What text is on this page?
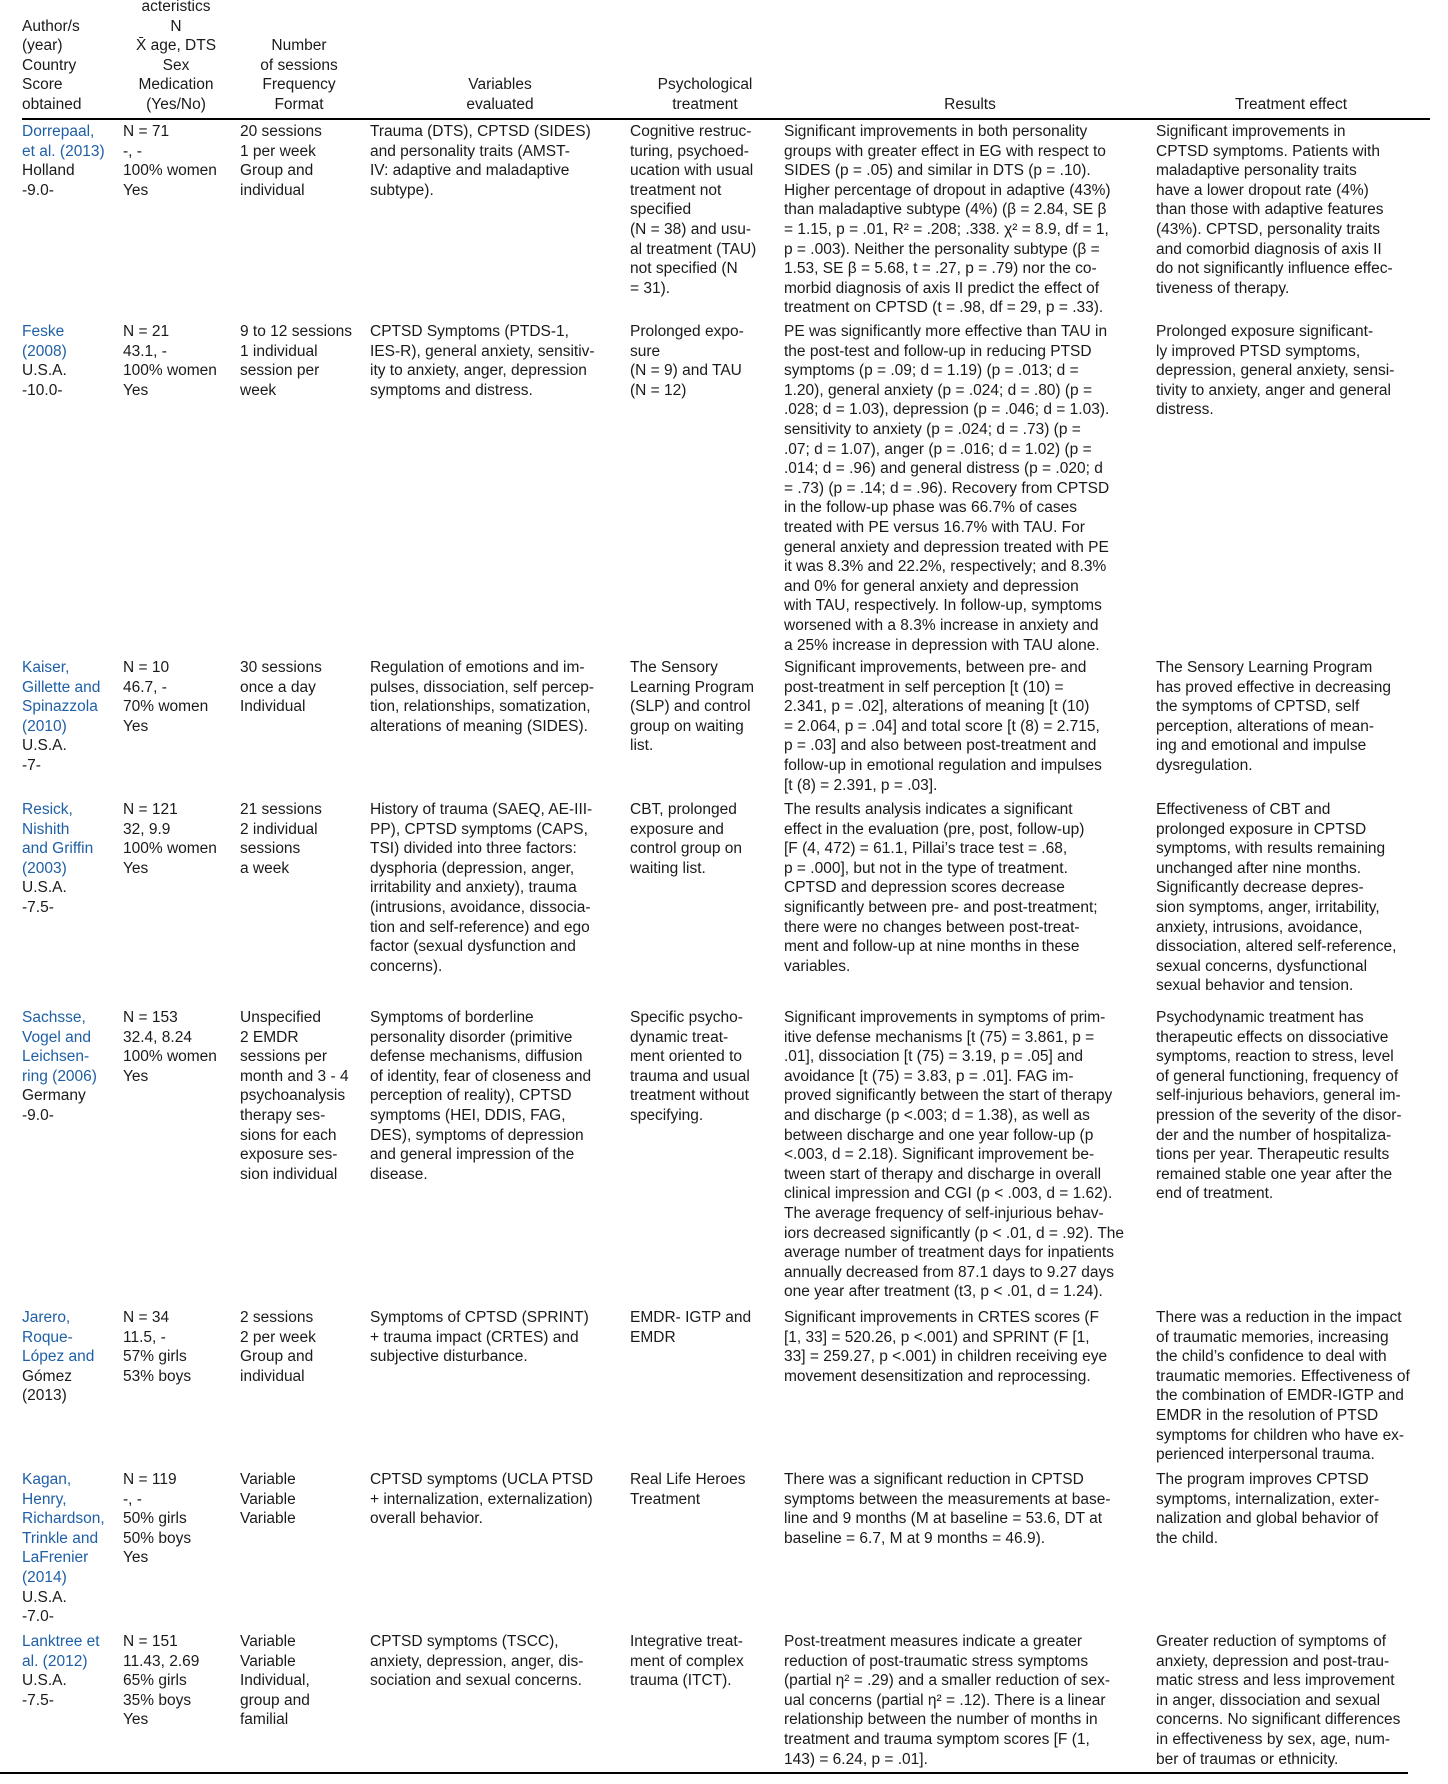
Author/s
(year)
Country
Score
obtained
acteristics
N
X̄ age, DTS
Sex
Medication
(Yes/No)
Number
of sessions
Frequency
Format
Variables
evaluated
Psychological
treatment	Results	Treatment effect
Dorrepaal,
et al. (2013)
Holland
-9.0-
N = 71
-, -
100% women
Yes
20 sessions
1 per week
Group and
individual
Trauma (DTS), CPTSD (SIDES)
and personality traits (AMST-
IV: adaptive and maladaptive
subtype).
Cognitive restruc-
turing, psychoed-
ucation with usual
treatment not
specified
(N = 38) and usu-
al treatment (TAU)
not specified (N
= 31).
Significant improvements in both personality
groups with greater effect in EG with respect to
SIDES (p = .05) and similar in DTS (p = .10).
Higher percentage of dropout in adaptive (43%)
than maladaptive subtype (4%) (β = 2.84, SE β
= 1.15, p = .01, R² = .208; .338. χ² = 8.9, df = 1,
p = .003). Neither the personality subtype (β =
1.53, SE β = 5.68, t = .27, p = .79) nor the co-
morbid diagnosis of axis II predict the effect of
treatment on CPTSD (t = .98, df = 29, p = .33).
Significant improvements in
CPTSD symptoms. Patients with
maladaptive personality traits
have a lower dropout rate (4%)
than those with adaptive features
(43%). CPTSD, personality traits
and comorbid diagnosis of axis II
do not significantly influence effec-
tiveness of therapy.
Feske
(2008)
U.S.A.
-10.0-
N = 21
43.1, -
100% women
Yes
9 to 12 sessions
1 individual
session per
week
CPTSD Symptoms (PTDS-1,
IES-R), general anxiety, sensitiv-
ity to anxiety, anger, depression
symptoms and distress.
Prolonged expo-
sure
(N = 9) and TAU
(N = 12)
PE was significantly more effective than TAU in
the post-test and follow-up in reducing PTSD
symptoms (p = .09; d = 1.19) (p = .013; d =
1.20), general anxiety (p = .024; d = .80) (p =
.028; d = 1.03), depression (p = .046; d = 1.03).
sensitivity to anxiety (p = .024; d = .73) (p =
.07; d = 1.07), anger (p = .016; d = 1.02) (p =
.014; d = .96) and general distress (p = .020; d
= .73) (p = .14; d = .96). Recovery from CPTSD
in the follow-up phase was 66.7% of cases
treated with PE versus 16.7% with TAU. For
general anxiety and depression treated with PE
it was 8.3% and 22.2%, respectively; and 8.3%
and 0% for general anxiety and depression
with TAU, respectively. In follow-up, symptoms
worsened with a 8.3% increase in anxiety and
a 25% increase in depression with TAU alone.
Prolonged exposure significant-
ly improved PTSD symptoms,
depression, general anxiety, sensi-
tivity to anxiety, anger and general
distress.
Kaiser,
Gillette and
Spinazzola
(2010)
U.S.A.
-7-
N = 10
46.7, -
70% women
Yes
30 sessions
once a day
Individual
Regulation of emotions and im-
pulses, dissociation, self percep-
tion, relationships, somatization,
alterations of meaning (SIDES).
The Sensory
Learning Program
(SLP) and control
group on waiting
list.
Significant improvements, between pre- and
post-treatment in self perception [t (10) =
2.341, p = .02], alterations of meaning [t (10)
= 2.064, p = .04] and total score [t (8) = 2.715,
p = .03] and also between post-treatment and
follow-up in emotional regulation and impulses
[t (8) = 2.391, p = .03].
The Sensory Learning Program
has proved effective in decreasing
the symptoms of CPTSD, self
perception, alterations of mean-
ing and emotional and impulse
dysregulation.
Resick,
Nishith
and Griffin
(2003)
U.S.A.
-7.5-
N = 121
32, 9.9
100% women
Yes
21 sessions
2 individual
sessions
a week
History of trauma (SAEQ, AE-III-
PP), CPTSD symptoms (CAPS,
TSI) divided into three factors:
dysphoria (depression, anger,
irritability and anxiety), trauma
(intrusions, avoidance, dissocia-
tion and self-reference) and ego
factor (sexual dysfunction and
concerns).
CBT, prolonged
exposure and
control group on
waiting list.
The results analysis indicates a significant
effect in the evaluation (pre, post, follow-up)
[F (4, 472) = 61.1, Pillai’s trace test = .68,
p = .000], but not in the type of treatment.
CPTSD and depression scores decrease
significantly between pre- and post-treatment;
there were no changes between post-treat-
ment and follow-up at nine months in these
variables.
Effectiveness of CBT and
prolonged exposure in CPTSD
symptoms, with results remaining
unchanged after nine months.
Significantly decrease depres-
sion symptoms, anger, irritability,
anxiety, intrusions, avoidance,
dissociation, altered self-reference,
sexual concerns, dysfunctional
sexual behavior and tension.
Sachsse,
Vogel and
Leichsen-
ring (2006)
Germany
-9.0-
N = 153
32.4, 8.24
100% women
Yes
Unspecified
2 EMDR
sessions per
month and 3 - 4
psychoanalysis
therapy ses-
sions for each
exposure ses-
sion individual
Symptoms of borderline
personality disorder (primitive
defense mechanisms, diffusion
of identity, fear of closeness and
perception of reality), CPTSD
symptoms (HEI, DDIS, FAG,
DES), symptoms of depression
and general impression of the
disease.
Specific psycho-
dynamic treat-
ment oriented to
trauma and usual
treatment without
specifying.
Significant improvements in symptoms of prim-
itive defense mechanisms [t (75) = 3.861, p =
.01], dissociation [t (75) = 3.19, p = .05] and
avoidance [t (75) = 3.83, p = .01]. FAG im-
proved significantly between the start of therapy
and discharge (p <.003; d = 1.38), as well as
between discharge and one year follow-up (p
<.003, d = 2.18). Significant improvement be-
tween start of therapy and discharge in overall
clinical impression and CGI (p < .003, d = 1.62).
The average frequency of self-injurious behav-
iors decreased significantly (p < .01, d = .92). The
average number of treatment days for inpatients
annually decreased from 87.1 days to 9.27 days
one year after treatment (t3, p < .01, d = 1.24).
Psychodynamic treatment has
therapeutic effects on dissociative
symptoms, reaction to stress, level
of general functioning, frequency of
self-injurious behaviors, general im-
pression of the severity of the disor-
der and the number of hospitaliza-
tions per year. Therapeutic results
remained stable one year after the
end of treatment.
Jarero,
Roque-
López and
Gómez
(2013)
N = 34
11.5, -
57% girls
53% boys
2 sessions
2 per week
Group and
individual
Symptoms of CPTSD (SPRINT)
+ trauma impact (CRTES) and
subjective disturbance.
EMDR- IGTP and
EMDR
Significant improvements in CRTES scores (F
[1, 33] = 520.26, p <.001) and SPRINT (F [1,
33] = 259.27, p <.001) in children receiving eye
movement desensitization and reprocessing.
There was a reduction in the impact
of traumatic memories, increasing
the child’s confidence to deal with
traumatic memories. Effectiveness of
the combination of EMDR-IGTP and
EMDR in the resolution of PTSD
symptoms for children who have ex-
perienced interpersonal trauma.
Kagan,
Henry,
Richardson,
Trinkle and
LaFrenier
(2014)
U.S.A.
-7.0-
N = 119
-, -
50% girls
50% boys
Yes
Variable
Variable
Variable
CPTSD symptoms (UCLA PTSD
+ internalization, externalization)
overall behavior.
Real Life Heroes
Treatment
There was a significant reduction in CPTSD
symptoms between the measurements at base-
line and 9 months (M at baseline = 53.6, DT at
baseline = 6.7, M at 9 months = 46.9).
The program improves CPTSD
symptoms, internalization, exter-
nalization and global behavior of
the child.
Lanktree et
al. (2012)
U.S.A.
-7.5-
N = 151
11.43, 2.69
65% girls
35% boys
Yes
Variable
Variable
Individual,
group and
familial
CPTSD symptoms (TSCC),
anxiety, depression, anger, dis-
sociation and sexual concerns.
Integrative treat-
ment of complex
trauma (ITCT).
Post-treatment measures indicate a greater
reduction of post-traumatic stress symptoms
(partial η² = .29) and a smaller reduction of sex-
ual concerns (partial η² = .12). There is a linear
relationship between the number of months in
treatment and trauma symptom scores [F (1,
143) = 6.24, p = .01].
Greater reduction of symptoms of
anxiety, depression and post-trau-
matic stress and less improvement
in anger, dissociation and sexual
concerns. No significant differences
in effectiveness by sex, age, num-
ber of traumas or ethnicity.
